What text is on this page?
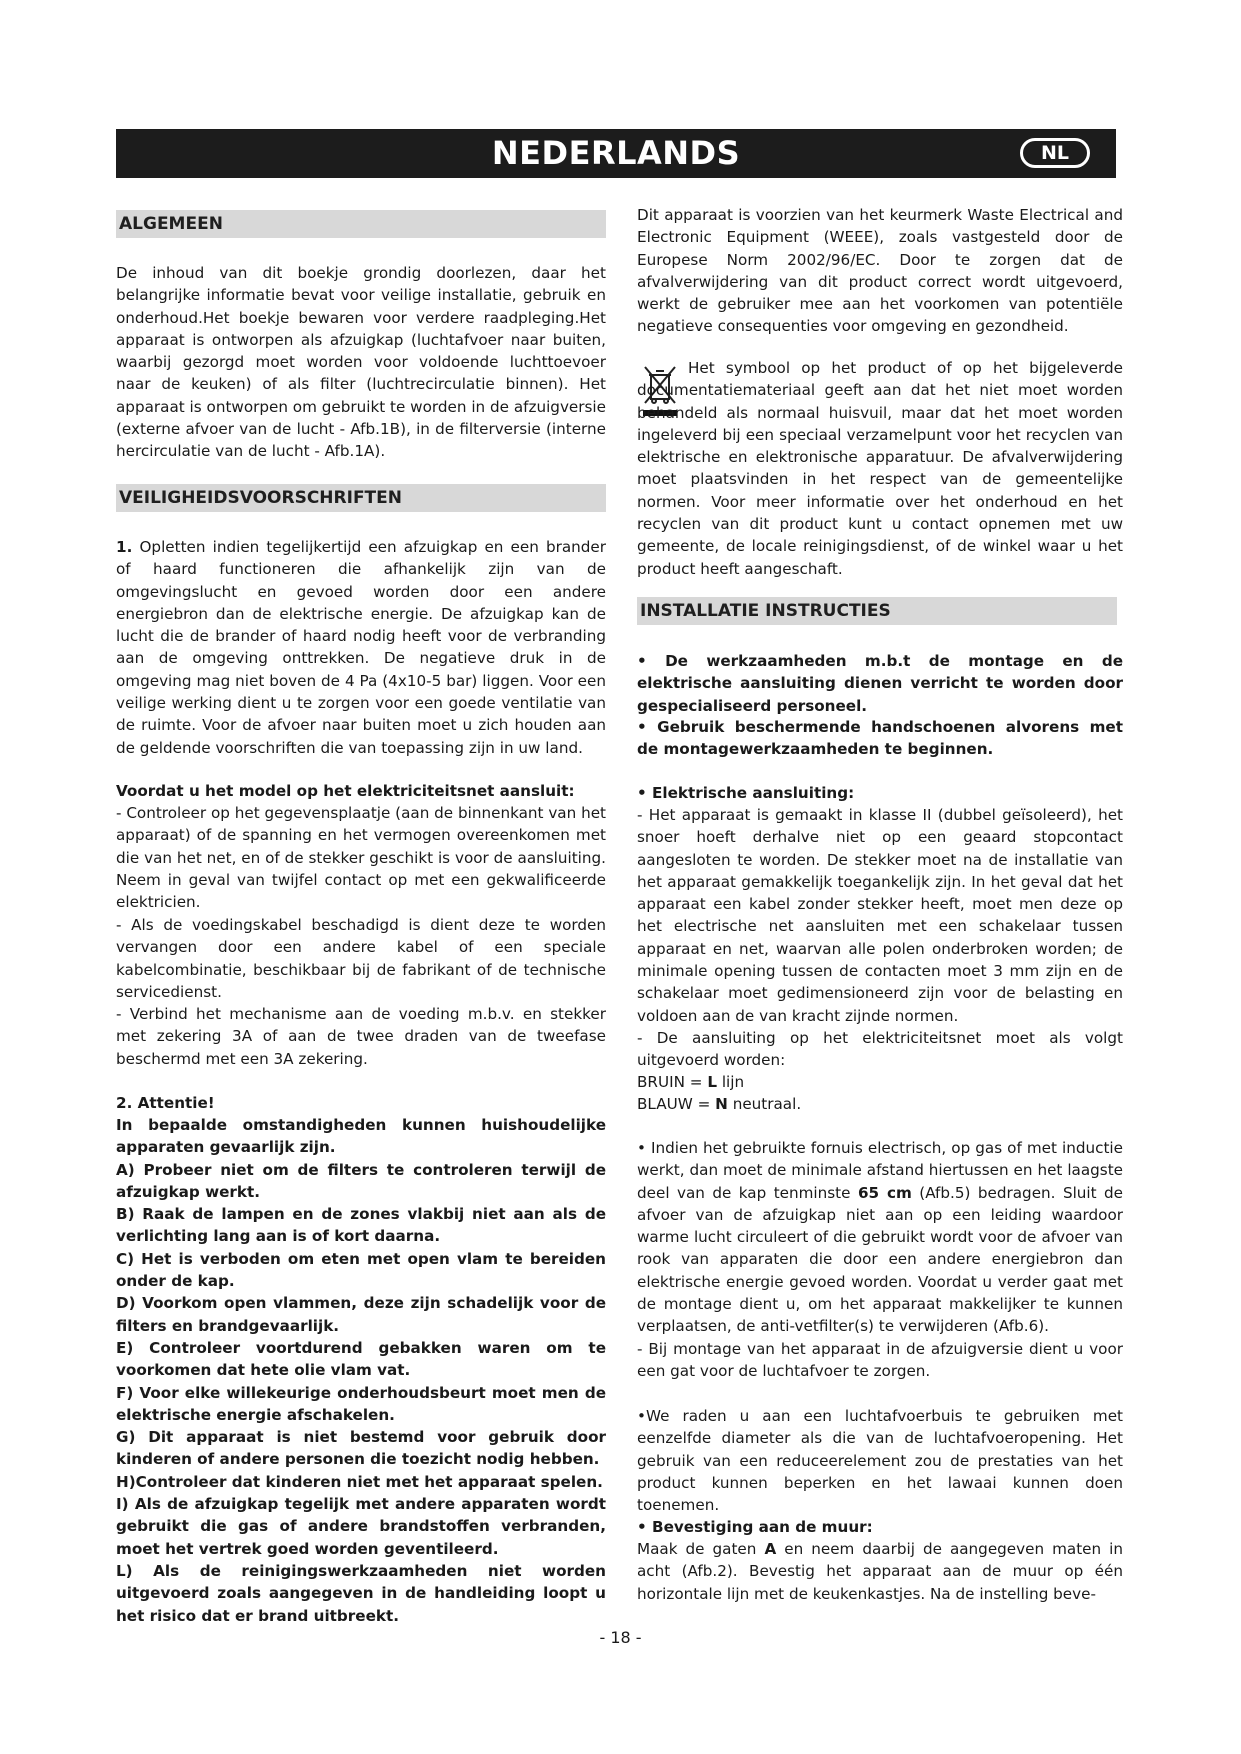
NEDERLANDS	NL
ALGEMEEN

De inhoud van dit boekje grondig doorlezen, daar het belangrijke informatie bevat voor veilige installatie, gebruik en onderhoud.Het boekje bewaren voor verdere raadpleging.Het apparaat is ontworpen als afzuigkap (luchtafvoer naar buiten, waarbij gezorgd moet worden voor voldoende luchttoevoer naar de keuken) of als filter (luchtrecirculatie binnen). Het apparaat is ontworpen om gebruikt te worden in de afzuigversie (externe afvoer van de lucht - Afb.1B), in de filterversie (interne hercirculatie van de lucht - Afb.1A).

VEILIGHEIDSVOORSCHRIFTEN

1. Opletten indien tegelijkertijd een afzuigkap en een brander of haard functioneren die afhankelijk zijn van de omgevingslucht en gevoed worden door een andere energiebron dan de elektrische energie. De afzuigkap kan de lucht die de brander of haard nodig heeft voor de verbranding aan de omgeving onttrekken. De negatieve druk in de omgeving mag niet boven de 4 Pa (4x10-5 bar) liggen. Voor een veilige werking dient u te zorgen voor een goede ventilatie van de ruimte. Voor de afvoer naar buiten moet u zich houden aan de geldende voorschriften die van toepassing zijn in uw land.

Voordat u het model op het elektriciteitsnet aansluit:

- Controleer op het gegevensplaatje (aan de binnenkant van het apparaat) of de spanning en het vermogen overeenkomen met die van het net, en of de stekker geschikt is voor de aansluiting. Neem in geval van twijfel contact op met een gekwalificeerde elektricien.

- Als de voedingskabel beschadigd is dient deze te worden vervangen door een andere kabel of een speciale kabelcombinatie, beschikbaar bij de fabrikant of de technische servicedienst.

- Verbind het mechanisme aan de voeding m.b.v. en stekker met zekering 3A of aan de twee draden van de tweefase beschermd met een 3A zekering.

2. Attentie!

In bepaalde omstandigheden kunnen huishoudelijke apparaten gevaarlijk zijn.
A) Probeer niet om de filters te controleren terwijl de afzuigkap werkt.
B) Raak de lampen en de zones vlakbij niet aan als de verlichting lang aan is of kort daarna.
C) Het is verboden om eten met open vlam te bereiden onder de kap.
D) Voorkom open vlammen, deze zijn schadelijk voor de filters en brandgevaarlijk.
E) Controleer voortdurend gebakken waren om te voorkomen dat hete olie vlam vat.
F) Voor elke willekeurige onderhoudsbeurt moet men de elektrische energie afschakelen.
G) Dit apparaat is niet bestemd voor gebruik door kinderen of andere personen die toezicht nodig hebben.
H)Controleer dat kinderen niet met het apparaat spelen.
I) Als de afzuigkap tegelijk met andere apparaten wordt gebruikt die gas of andere brandstoffen verbranden, moet het vertrek goed worden geventileerd.
L) Als de reinigingswerkzaamheden niet worden uitgevoerd zoals aangegeven in de handleiding loopt u het risico dat er brand uitbreekt.

Dit apparaat is voorzien van het keurmerk Waste Electrical and Electronic Equipment (WEEE), zoals vastgesteld door de Europese Norm 2002/96/EC. Door te zorgen dat de afvalverwijdering van dit product correct wordt uitgevoerd, werkt de gebruiker mee aan het voorkomen van potentiële negatieve consequenties voor omgeving en gezondheid.

Het symbool op het product of op het bijgeleverde documentatiemateriaal geeft aan dat het niet moet worden behandeld als normaal huisvuil, maar dat het moet worden ingeleverd bij een speciaal verzamelpunt voor het recyclen van elektrische en elektronische apparatuur. De afvalverwijdering moet plaatsvinden in het respect van de gemeentelijke normen. Voor meer informatie over het onderhoud en het recyclen van dit product kunt u contact opnemen met uw gemeente, de locale reinigingsdienst, of de winkel waar u het product heeft aangeschaft.

INSTALLATIE INSTRUCTIES

• De werkzaamheden m.b.t de montage en de elektrische aansluiting dienen verricht te worden door gespecialiseerd personeel.

• Gebruik beschermende handschoenen alvorens met de montagewerkzaamheden te beginnen.

• Elektrische aansluiting:

- Het apparaat is gemaakt in klasse II (dubbel geïsoleerd), het snoer hoeft derhalve niet op een geaard stopcontact aangesloten te worden. De stekker moet na de installatie van het apparaat gemakkelijk toegankelijk zijn. In het geval dat het apparaat een kabel zonder stekker heeft, moet men deze op het electrische net aansluiten met een schakelaar tussen apparaat en net, waarvan alle polen onderbroken worden; de minimale opening tussen de contacten moet 3 mm zijn en de schakelaar moet gedimensioneerd zijn voor de belasting en voldoen aan de van kracht zijnde normen.

- De aansluiting op het elektriciteitsnet moet als volgt uitgevoerd worden:

BRUIN = L lijn

BLAUW = N neutraal.

• Indien het gebruikte fornuis electrisch, op gas of met inductie werkt, dan moet de minimale afstand hiertussen en het laagste deel van de kap tenminste 65 cm (Afb.5) bedragen. Sluit de afvoer van de afzuigkap niet aan op een leiding waardoor warme lucht circuleert of die gebruikt wordt voor de afvoer van rook van apparaten die door een andere energiebron dan elektrische energie gevoed worden. Voordat u verder gaat met de montage dient u, om het apparaat makkelijker te kunnen verplaatsen, de anti-vetfilter(s) te verwijderen (Afb.6).

- Bij montage van het apparaat in de afzuigversie dient u voor een gat voor de luchtafvoer te zorgen.

•We raden u aan een luchtafvoerbuis te gebruiken met eenzelfde diameter als die van de luchtafvoeropening. Het gebruik van een reduceerelement zou de prestaties van het product kunnen beperken en het lawaai kunnen doen toenemen.

• Bevestiging aan de muur:

Maak de gaten A en neem daarbij de aangegeven maten in acht (Afb.2). Bevestig het apparaat aan de muur op één horizontale lijn met de keukenkastjes. Na de instelling beve-

- 18 -
